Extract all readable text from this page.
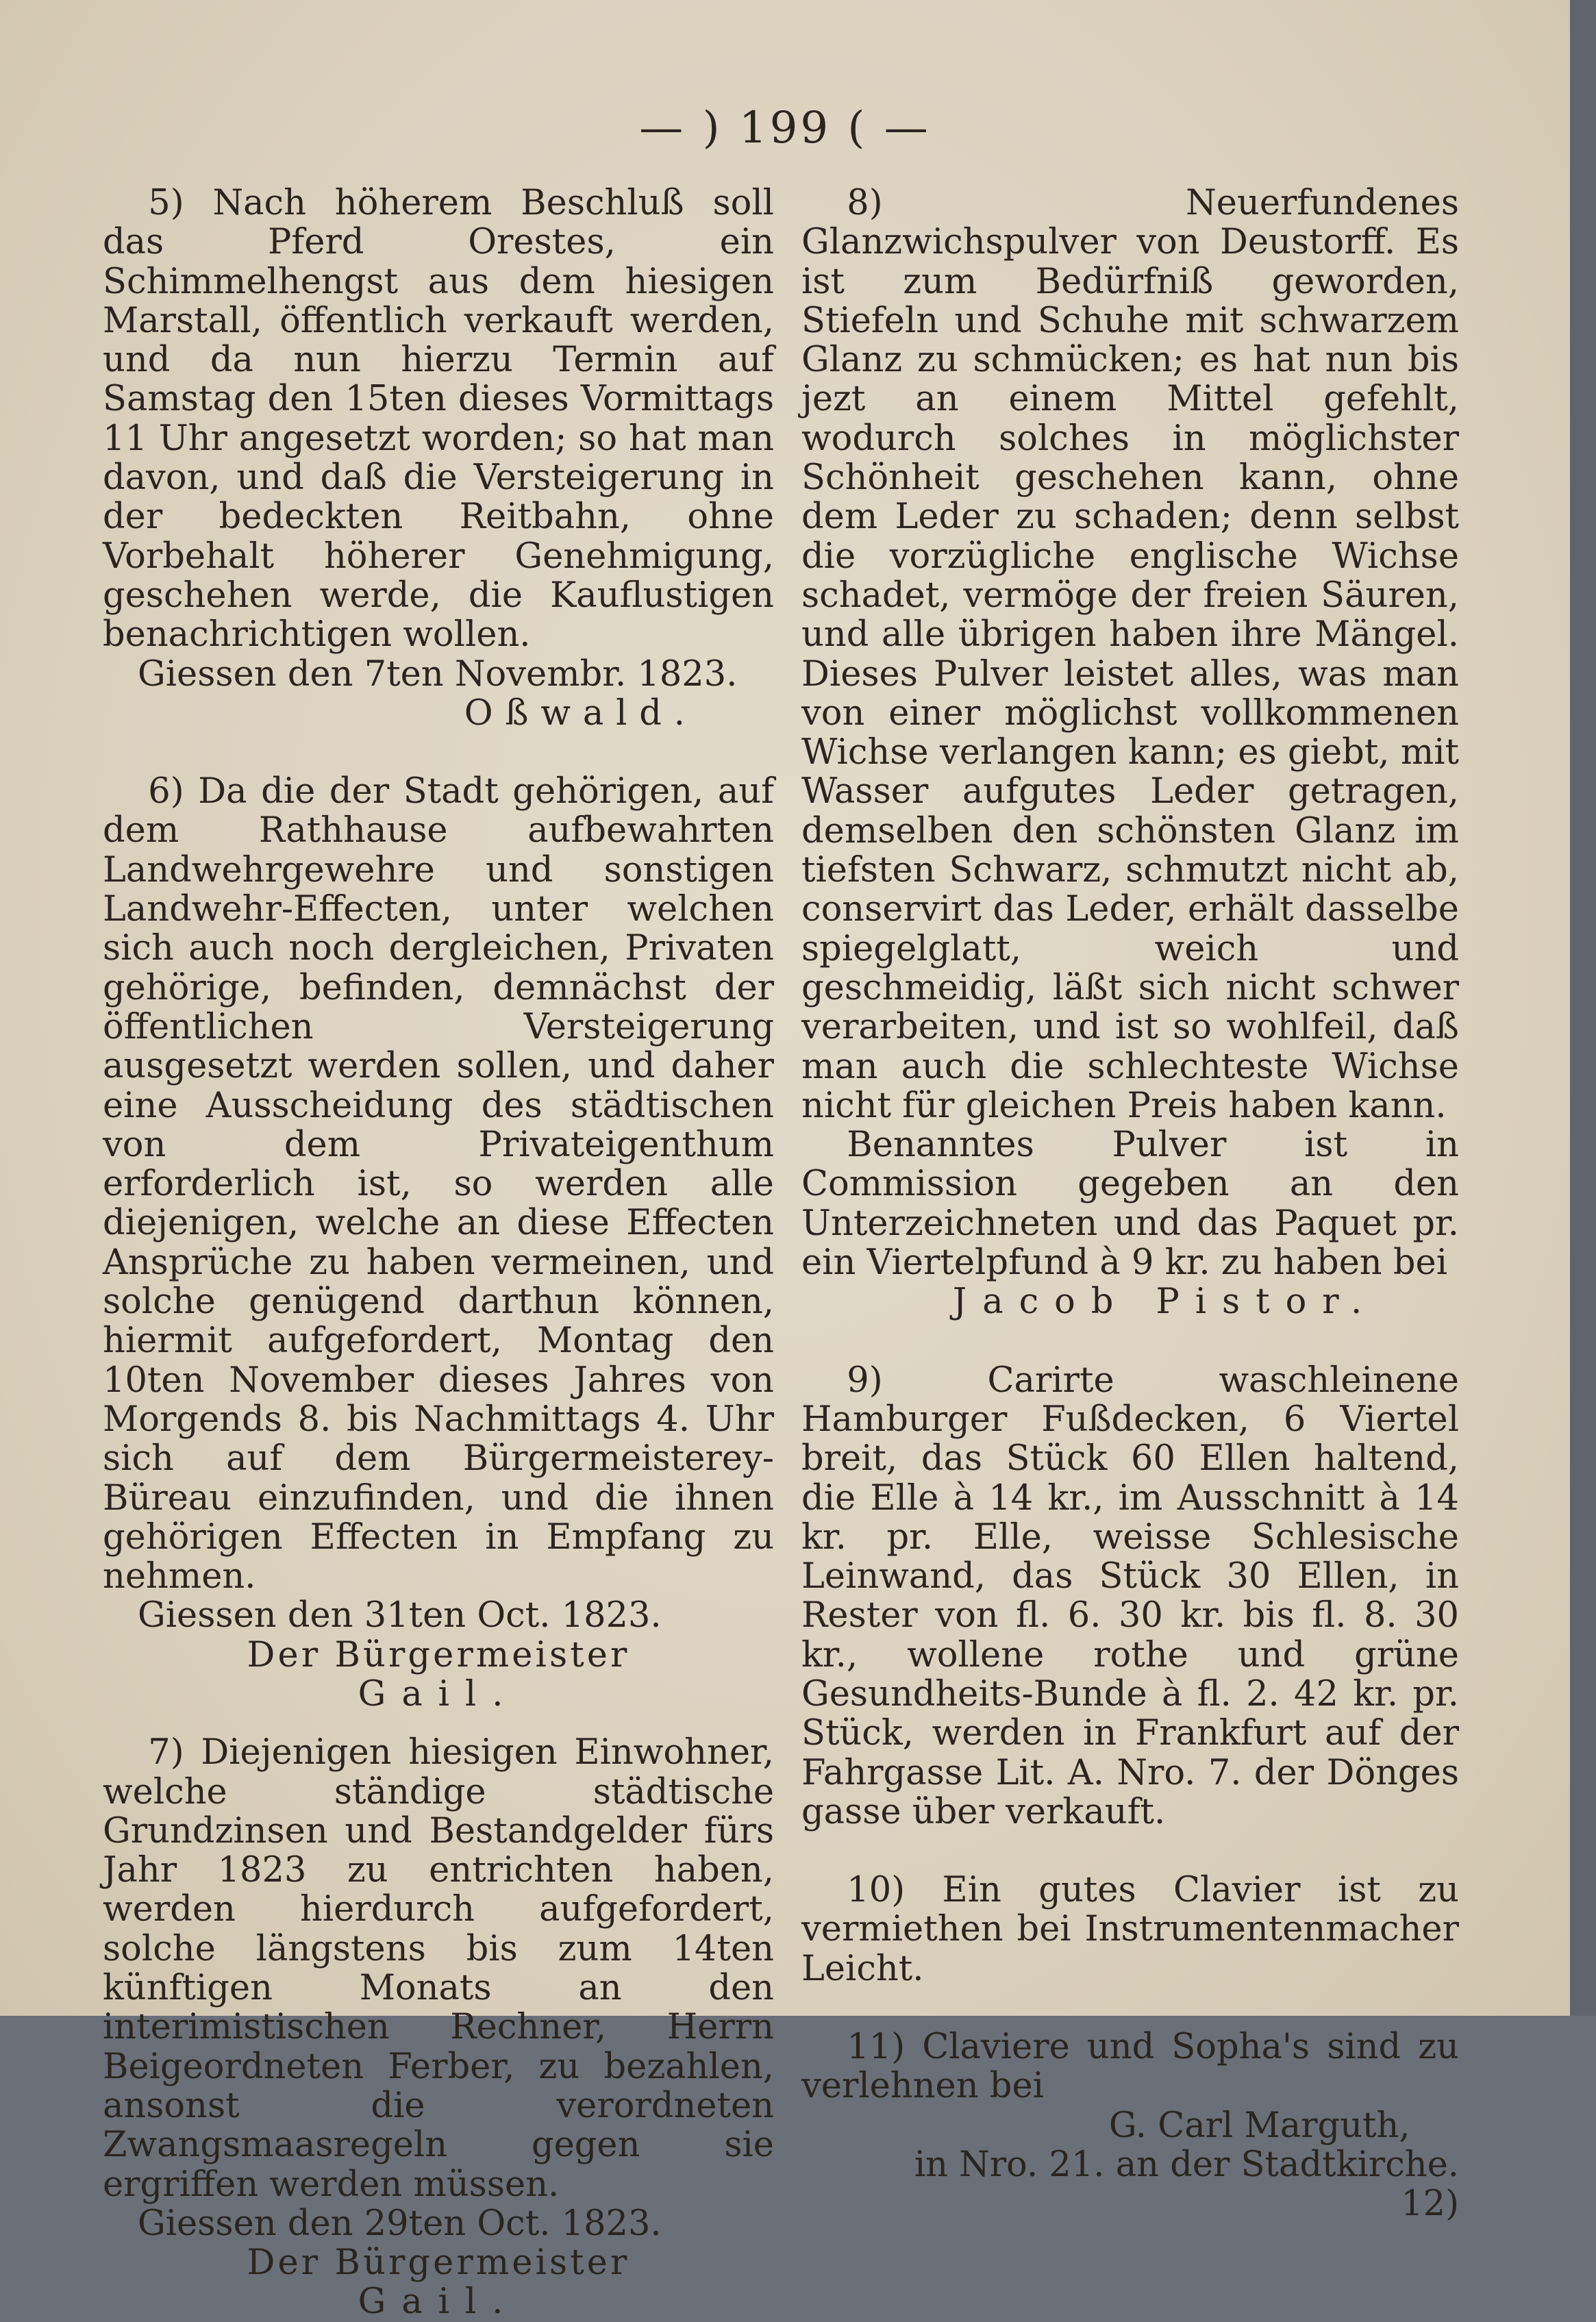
— ) 199 ( —

5) Nach höherem Beschluß soll das Pferd Orestes, ein Schimmelhengst aus dem hiesigen Marstall, öffentlich verkauft werden, und da nun hierzu Termin auf Samstag den 15ten dieses Vormittags 11 Uhr angesetzt worden; so hat man davon, und daß die Versteigerung in der bedeckten Reitbahn, ohne Vorbehalt höherer Genehmigung, geschehen werde, die Kauflustigen benachrichtigen wollen.

Giessen den 7ten Novembr. 1823.

Oßwald.

6) Da die der Stadt gehörigen, auf dem Rathhause aufbewahrten Landwehrgewehre und sonstigen Landwehr-Effecten, unter welchen sich auch noch dergleichen, Privaten gehörige, befinden, demnächst der öffentlichen Versteigerung ausgesetzt werden sollen, und daher eine Ausscheidung des städtischen von dem Privateigenthum erforderlich ist, so werden alle diejenigen, welche an diese Effecten Ansprüche zu haben vermeinen, und solche genügend darthun können, hiermit aufgefordert, Montag den 10ten November dieses Jahres von Morgends 8. bis Nachmittags 4. Uhr sich auf dem Bürgermeisterey-Büreau einzufinden, und die ihnen gehörigen Effecten in Empfang zu nehmen.

Giessen den 31ten Oct. 1823.

Der Bürgermeister

Gail.

7) Diejenigen hiesigen Einwohner, welche ständige städtische Grundzinsen und Bestandgelder fürs Jahr 1823 zu entrichten haben, werden hierdurch aufgefordert, solche längstens bis zum 14ten künftigen Monats an den interimistischen Rechner, Herrn Beigeordneten Ferber, zu bezahlen, ansonst die verordneten Zwangsmaasregeln gegen sie ergriffen werden müssen.

Giessen den 29ten Oct. 1823.

Der Bürgermeister

Gail.

8) Neuerfundenes Glanzwichspulver von Deustorff. Es ist zum Bedürfniß geworden, Stiefeln und Schuhe mit schwarzem Glanz zu schmücken; es hat nun bis jezt an einem Mittel gefehlt, wodurch solches in möglichster Schönheit geschehen kann, ohne dem Leder zu schaden; denn selbst die vorzügliche englische Wichse schadet, vermöge der freien Säuren, und alle übrigen haben ihre Mängel. Dieses Pulver leistet alles, was man von einer möglichst vollkommenen Wichse verlangen kann; es giebt, mit Wasser aufgutes Leder getragen, demselben den schönsten Glanz im tiefsten Schwarz, schmutzt nicht ab, conservirt das Leder, erhält dasselbe spiegelglatt, weich und geschmeidig, läßt sich nicht schwer verarbeiten, und ist so wohlfeil, daß man auch die schlechteste Wichse nicht für gleichen Preis haben kann.

Benanntes Pulver ist in Commission gegeben an den Unterzeichneten und das Paquet pr. ein Viertelpfund à 9 kr. zu haben bei

Jacob Pistor.

9) Carirte waschleinene Hamburger Fußdecken, 6 Viertel breit, das Stück 60 Ellen haltend, die Elle à 14 kr., im Ausschnitt à 14 kr. pr. Elle, weisse Schlesische Leinwand, das Stück 30 Ellen, in Rester von fl. 6. 30 kr. bis fl. 8. 30 kr., wollene rothe und grüne Gesundheits-Bunde à fl. 2. 42 kr. pr. Stück, werden in Frankfurt auf der Fahrgasse Lit. A. Nro. 7. der Dönges gasse über verkauft.

10) Ein gutes Clavier ist zu vermiethen bei Instrumentenmacher Leicht.

11) Claviere und Sopha's sind zu verlehnen bei

G. Carl Marguth,

in Nro. 21. an der Stadtkirche.

12)
